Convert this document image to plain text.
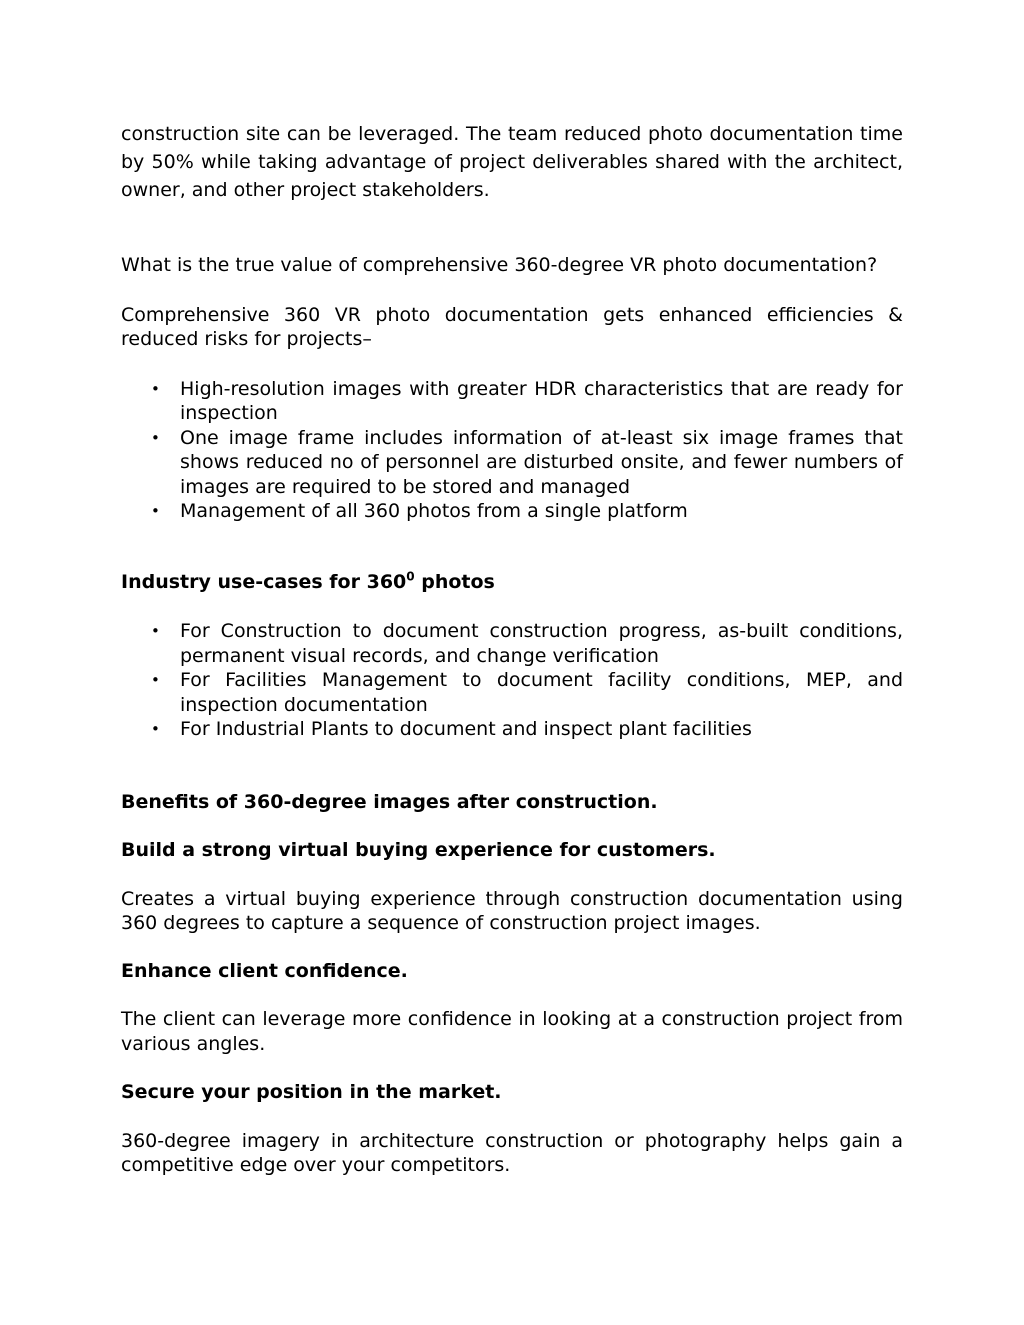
construction site can be leveraged. The team reduced photo documentation time by 50% while taking advantage of project deliverables shared with the architect, owner, and other project stakeholders.

What is the true value of comprehensive 360-degree VR photo documentation?

Comprehensive 360 VR photo documentation gets enhanced efficiencies & reduced risks for projects–

• High-resolution images with greater HDR characteristics that are ready for inspection
• One image frame includes information of at-least six image frames that shows reduced no of personnel are disturbed onsite, and fewer numbers of images are required to be stored and managed
• Management of all 360 photos from a single platform

Industry use-cases for $360^0$ photos

• For Construction to document construction progress, as-built conditions, permanent visual records, and change verification
• For Facilities Management to document facility conditions, MEP, and inspection documentation
• For Industrial Plants to document and inspect plant facilities

Benefits of 360-degree images after construction.

Build a strong virtual buying experience for customers.

Creates a virtual buying experience through construction documentation using 360 degrees to capture a sequence of construction project images.

Enhance client confidence.

The client can leverage more confidence in looking at a construction project from various angles.

Secure your position in the market.

360-degree imagery in architecture construction or photography helps gain a competitive edge over your competitors.
